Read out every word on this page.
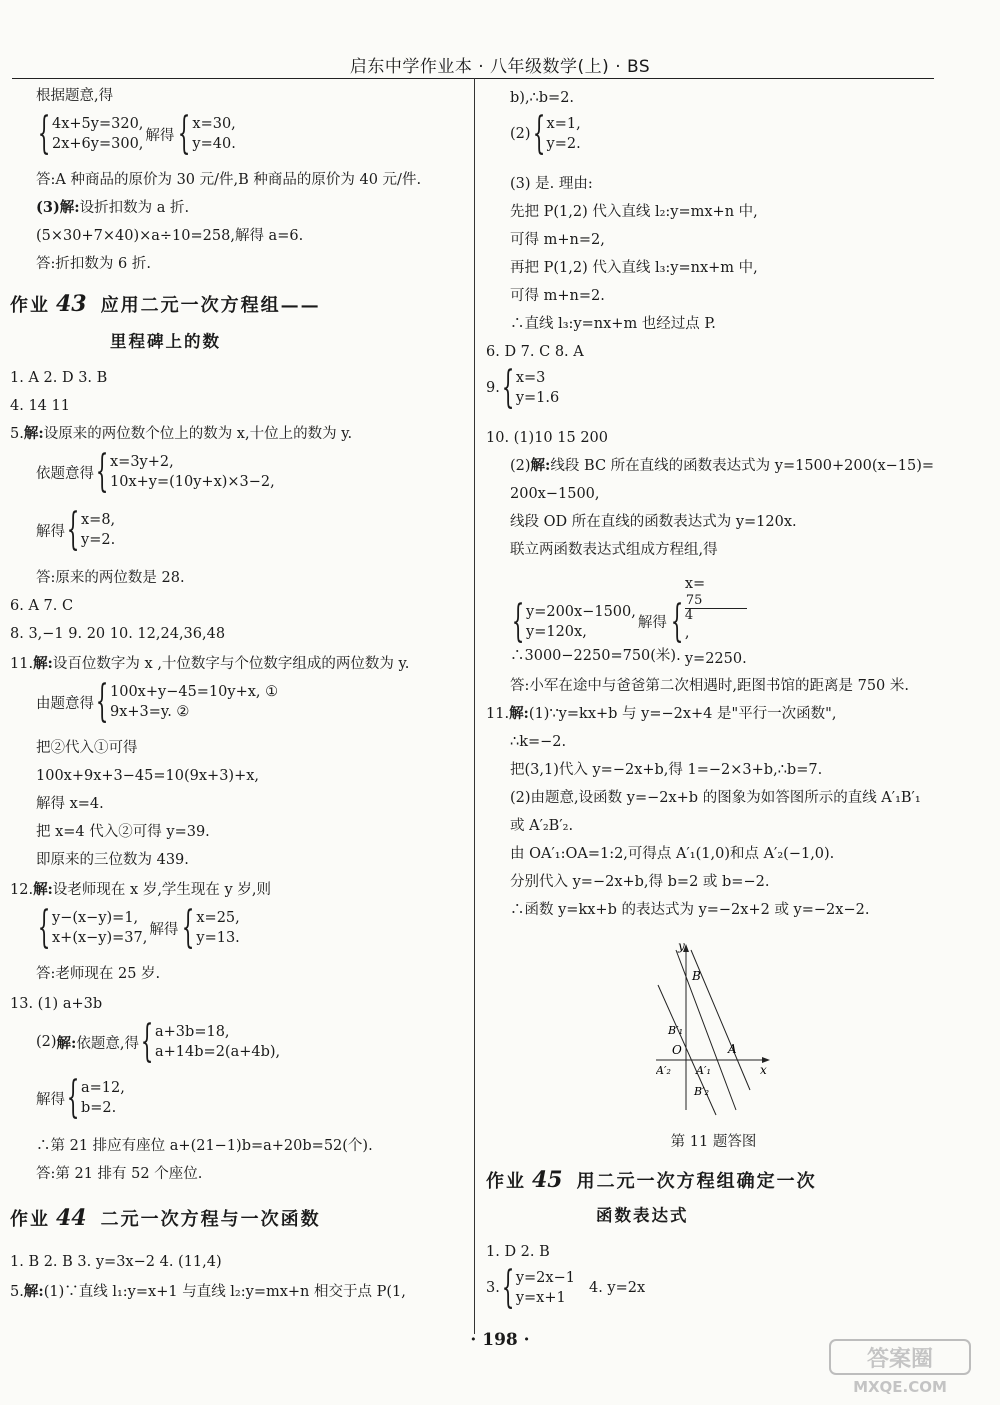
启东中学作业本 · 八年级数学(上) · BS
根据题意,得
{ 4x+5y=320,
2x+6y=300,
解得 { x=30,
y=40.
答:A 种商品的原价为 30 元/件,B 种商品的原价为 40 元/件.
(3)解:设折扣数为 a 折.
(5×30+7×40)×a÷10=258,解得 a=6.
答:折扣数为 6 折.
作业 43 应用二元一次方程组——
里程碑上的数
1. A 2. D 3. B
4. 14 11
5.解:设原来的两位数个位上的数为 x,十位上的数为 y.
依题意得 { x=3y+2,
10x+y=(10y+x)×3−2,
解得 { x=8,
y=2.
答:原来的两位数是 28.
6. A 7. C
8. 3,−1 9. 20 10. 12,24,36,48
11.解:设百位数字为 x ,十位数字与个位数字组成的两位数为 y.
由题意得 { 100x+y−45=10y+x, ①
9x+3=y. ②
把②代入①可得
100x+9x+3−45=10(9x+3)+x,
解得 x=4.
把 x=4 代入②可得 y=39.
即原来的三位数为 439.
12.解:设老师现在 x 岁,学生现在 y 岁,则
{ y−(x−y)=1,
x+(x−y)=37,
解得 { x=25,
y=13.
答:老师现在 25 岁.
13. (1) a+3b
(2) 解: 依题意,得 { a+3b=18,
a+14b=2(a+4b),
解得 { a=12,
b=2.
∴第 21 排应有座位 a+(21−1)b=a+20b=52(个).
答:第 21 排有 52 个座位.
作业 44 二元一次方程与一次函数
1. B 2. B 3. y=3x−2 4. (11,4)
5.解:(1)∵直线 l₁:y=x+1 与直线 l₂:y=mx+n 相交于点 P(1,
b),∴b=2.
(2) { x=1,
y=2.
(3) 是. 理由:
先把 P(1,2) 代入直线 l₂:y=mx+n 中,
可得 m+n=2,
再把 P(1,2) 代入直线 l₃:y=nx+m 中,
可得 m+n=2.
∴直线 l₃:y=nx+m 也经过点 P.
6. D 7. C 8. A
9. { x=3
y=1.6
10. (1)10 15 200
(2)解:线段 BC 所在直线的函数表达式为 y=1500+200(x−15)=
200x−1500,
线段 OD 所在直线的函数表达式为 y=120x.
联立两函数表达式组成方程组,得
{ y=200x−1500,
y=120x,
解得 {
x=
75
4
,
y=2250.
∴3000−2250=750(米).
答:小军在途中与爸爸第二次相遇时,距图书馆的距离是 750 米.
11.解:(1)∵y=kx+b 与 y=−2x+4 是"平行一次函数",
∴k=−2.
把(3,1)代入 y=−2x+b,得 1=−2×3+b,∴b=7.
(2)由题意,设函数 y=−2x+b 的图象为如答图所示的直线 A′₁B′₁
或 A′₂B′₂.
由 OA′₁:OA=1:2,可得点 A′₁(1,0)和点 A′₂(−1,0).
分别代入 y=−2x+b,得 b=2 或 b=−2.
∴函数 y=kx+b 的表达式为 y=−2x+2 或 y=−2x−2.
B
B′₁
O	A
x
y
A′₂ A′₁
B′₂
第 11 题答图
作业 45 用二元一次方程组确定一次
函数表达式
1. D 2. B
3. { y=2x−1
y=x+1
4. y=2x
· 198 ·
答案圈
MXQE.COM
